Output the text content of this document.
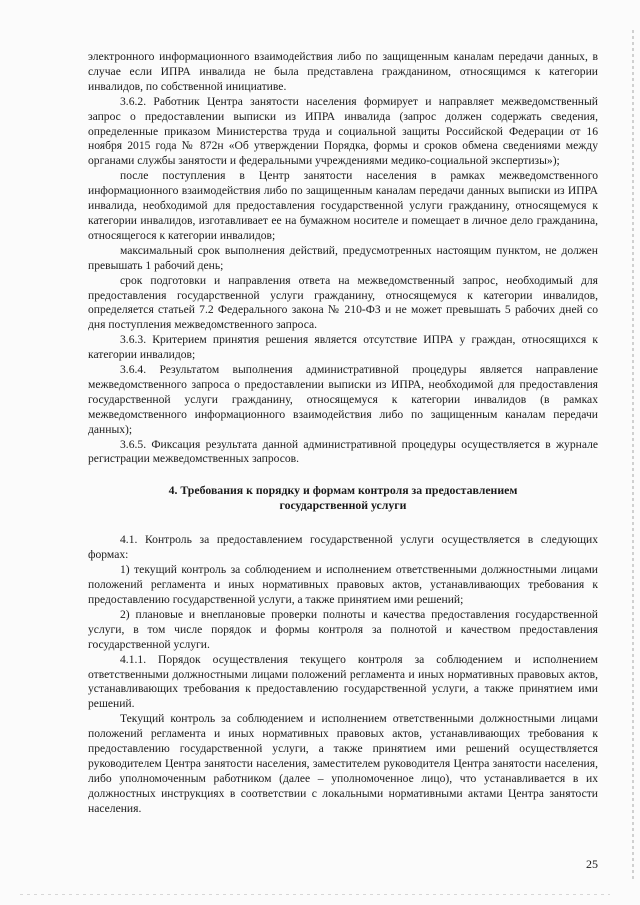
электронного информационного взаимодействия либо по защищенным каналам передачи данных, в случае если ИПРА инвалида не была представлена гражданином, относящимся к категории инвалидов, по собственной инициативе.

3.6.2. Работник Центра занятости населения формирует и направляет межведомственный запрос о предоставлении выписки из ИПРА инвалида (запрос должен содержать сведения, определенные приказом Министерства труда и социальной защиты Российской Федерации от 16 ноября 2015 года № 872н «Об утверждении Порядка, формы и сроков обмена сведениями между органами службы занятости и федеральными учреждениями медико-социальной экспертизы»);

после поступления в Центр занятости населения в рамках межведомственного информационного взаимодействия либо по защищенным каналам передачи данных выписки из ИПРА инвалида, необходимой для предоставления государственной услуги гражданину, относящемуся к категории инвалидов, изготавливает ее на бумажном носителе и помещает в личное дело гражданина, относящегося к категории инвалидов;

максимальный срок выполнения действий, предусмотренных настоящим пунктом, не должен превышать 1 рабочий день;

срок подготовки и направления ответа на межведомственный запрос, необходимый для предоставления государственной услуги гражданину, относящемуся к категории инвалидов, определяется статьей 7.2 Федерального закона № 210-ФЗ и не может превышать 5 рабочих дней со дня поступления межведомственного запроса.

3.6.3. Критерием принятия решения является отсутствие ИПРА у граждан, относящихся к категории инвалидов;

3.6.4. Результатом выполнения административной процедуры является направление межведомственного запроса о предоставлении выписки из ИПРА, необходимой для предоставления государственной услуги гражданину, относящемуся к категории инвалидов (в рамках межведомственного информационного взаимодействия либо по защищенным каналам передачи данных);

3.6.5. Фиксация результата данной административной процедуры осуществляется в журнале регистрации межведомственных запросов.

4. Требования к порядку и формам контроля за предоставлением
государственной услуги

4.1. Контроль за предоставлением государственной услуги осуществляется в следующих формах:

1) текущий контроль за соблюдением и исполнением ответственными должностными лицами положений регламента и иных нормативных правовых актов, устанавливающих требования к предоставлению государственной услуги, а также принятием ими решений;

2) плановые и внеплановые проверки полноты и качества предоставления государственной услуги, в том числе порядок и формы контроля за полнотой и качеством предоставления государственной услуги.

4.1.1. Порядок осуществления текущего контроля за соблюдением и исполнением ответственными должностными лицами положений регламента и иных нормативных правовых актов, устанавливающих требования к предоставлению государственной услуги, а также принятием ими решений.

Текущий контроль за соблюдением и исполнением ответственными должностными лицами положений регламента и иных нормативных правовых актов, устанавливающих требования к предоставлению государственной услуги, а также принятием ими решений осуществляется руководителем Центра занятости населения, заместителем руководителя Центра занятости населения, либо уполномоченным работником (далее – уполномоченное лицо), что устанавливается в их должностных инструкциях в соответствии с локальными нормативными актами Центра занятости населения.

25
